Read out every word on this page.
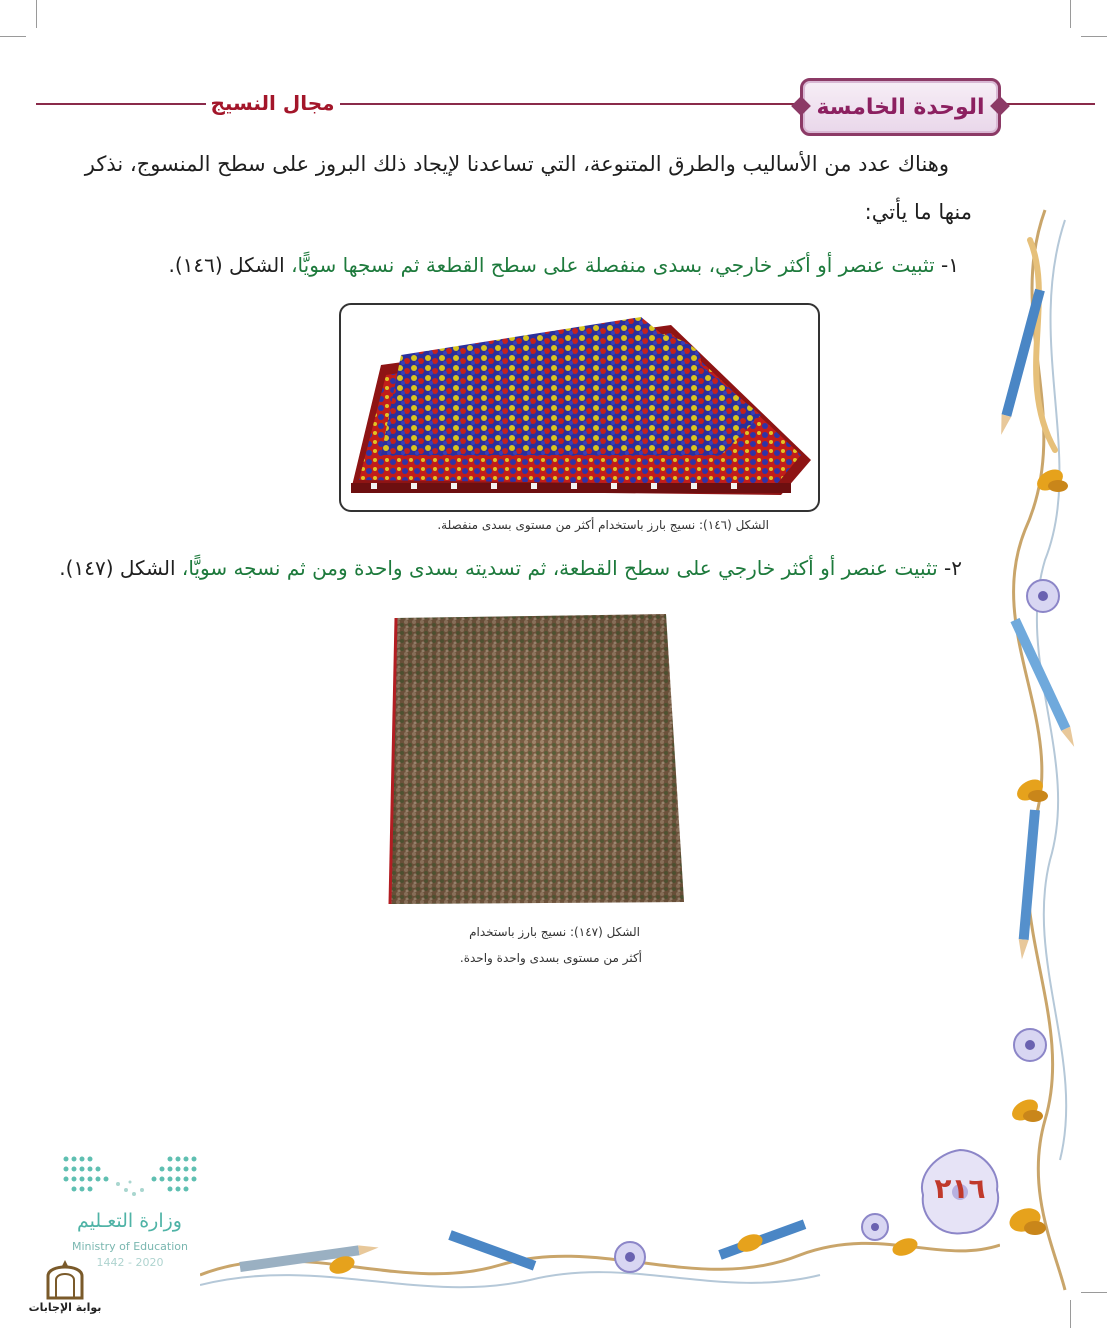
مجال النسيج	الوحدة الخامسة
٢١٦
وهناك عدد من الأساليب والطرق المتنوعة، التي تساعدنا لإيجاد ذلك البروز على سطح المنسوج، نذكر
منها ما يأتي:
١- تثبيت عنصر أو أكثر خارجي، بسدى منفصلة على سطح القطعة ثم نسجها سويًّا، الشكل (١٤٦).
الشكل (١٤٦): نسيج بارز باستخدام أكثر من مستوى بسدى منفصلة.
٢- تثبيت عنصر أو أكثر خارجي على سطح القطعة، ثم تسديته بسدى واحدة ومن ثم نسجه سويًّا، الشكل (١٤٧).
الشكل (١٤٧): نسيج بارز باستخدام
أكثر من مستوى بسدى واحدة واحدة.
وزارة التعـليم
Ministry of Education
2020 - 1442
بوابة الإجابات
